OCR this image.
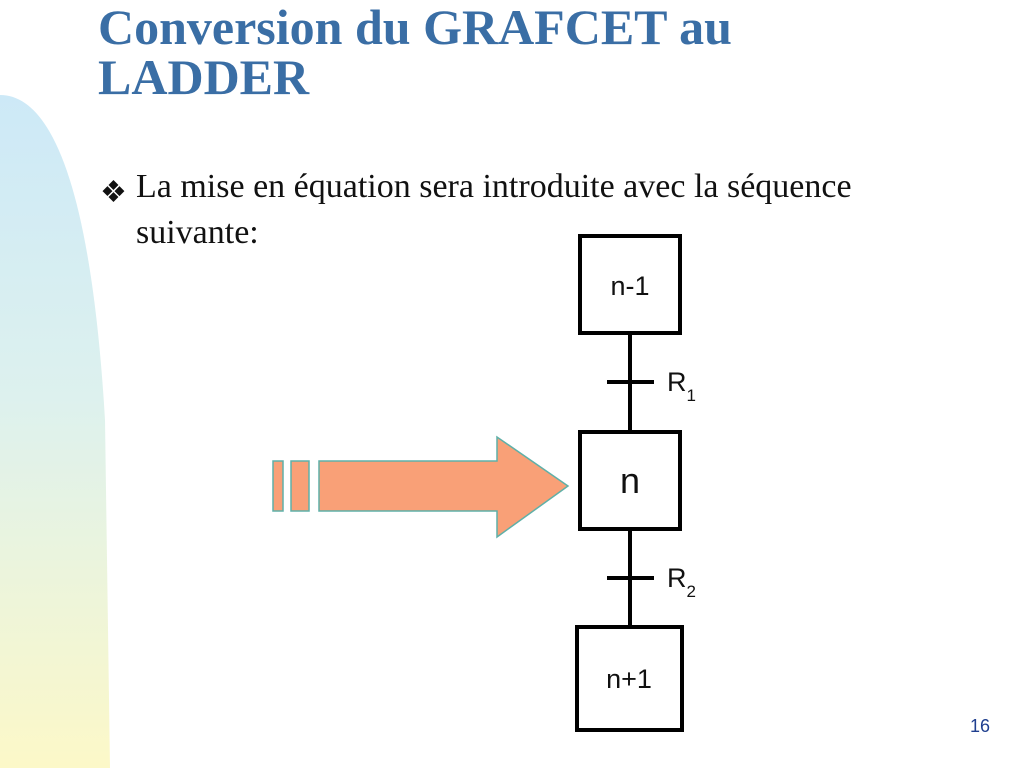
Conversion du GRAFCET au
LADDER
❖ La mise en équation sera introduite avec la séquence suivante:
$R_1$
$R_2$
n-1
n
n+1
16
